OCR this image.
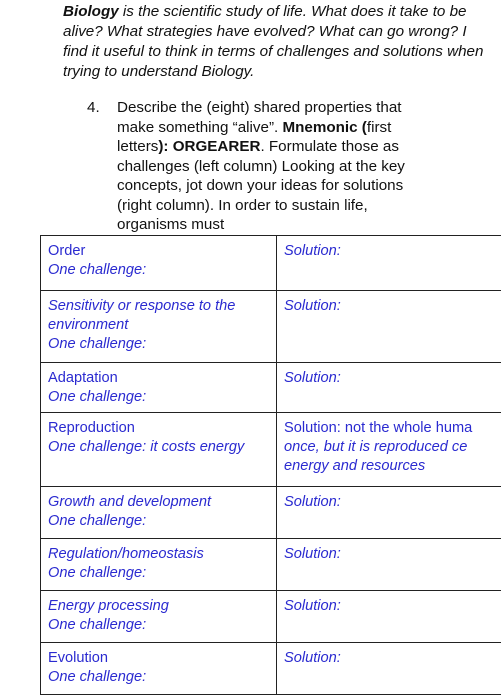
Biology is the scientific study of life. What does it take to be alive? What strategies have evolved? What can go wrong? I find it useful to think in terms of challenges and solutions when trying to understand Biology.
4. Describe the (eight) shared properties that make something “alive”. Mnemonic (first letters): ORGEARER. Formulate those as challenges (left column) Looking at the key concepts, jot down your ideas for solutions (right column). In order to sustain life, organisms must
Order
One challenge:	Solution:

Sensitivity or response to the environment
One challenge:	Solution:

Adaptation
One challenge:	Solution:

Reproduction
One challenge: it costs energy	Solution: not the whole huma
once, but it is reproduced ce
energy and resources

Growth and development
One challenge:	Solution:

Regulation/homeostasis
One challenge:	Solution:

Energy processing
One challenge:	Solution:

Evolution
One challenge:	Solution:
